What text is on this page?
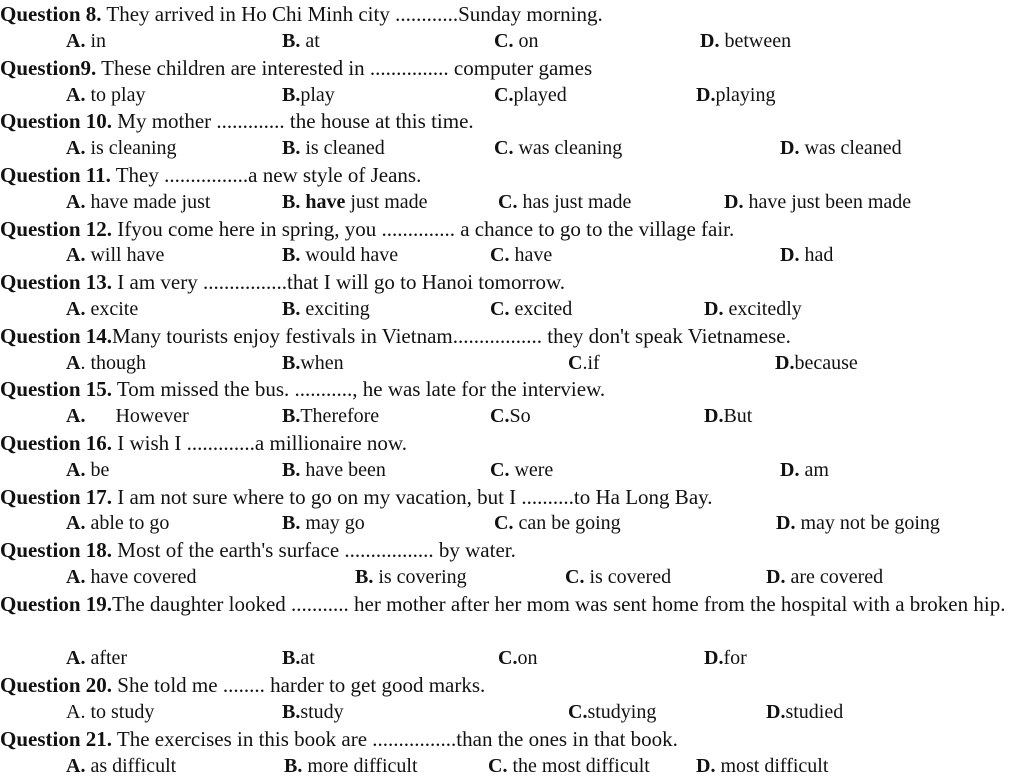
Question 8. They arrived in Ho Chi Minh city ............Sunday morning.
A. in	B. at	C. on	D. between
Question9. These children are interested in ............... computer games
A. to play	B.play	C.played	D.playing
Question 10. My mother ............. the house at this time.
A. is cleaning	B. is cleaned	C. was cleaning	D. was cleaned
Question 11. They ................a new style of Jeans.
A. have made just	B. have just made	C. has just made	D. have just been made
Question 12. Ifyou come here in spring, you .............. a chance to go to the village fair.
A. will have	B. would have	C. have	D. had
Question 13. I am very ................that I will go to Hanoi tomorrow.
A. excite	B. exciting	C. excited	D. excitedly
Question 14.Many tourists enjoy festivals in Vietnam................. they don't speak Vietnamese.
A. though	B.when	C.if	D.because
Question 15. Tom missed the bus. ..........., he was late for the interview.
A.      However	B.Therefore	C.So	D.But
Question 16. I wish I .............a millionaire now.
A. be	B. have been	C. were	D. am
Question 17. I am not sure where to go on my vacation, but I ..........to Ha Long Bay.
A. able to go	B. may go	C. can be going	D. may not be going
Question 18. Most of the earth's surface ................. by water.
A. have covered	B. is covering	C. is covered	D. are covered
Question 19.The daughter looked ........... her mother after her mom was sent home from the hospital with a broken hip.
A. after	B.at	C.on	D.for
Question 20. She told me ........ harder to get good marks.
A. to study	B.study	C.studying	D.studied
Question 21. The exercises in this book are ................than the ones in that book.
A. as difficult	B. more difficult	C. the most difficult D. most difficult
